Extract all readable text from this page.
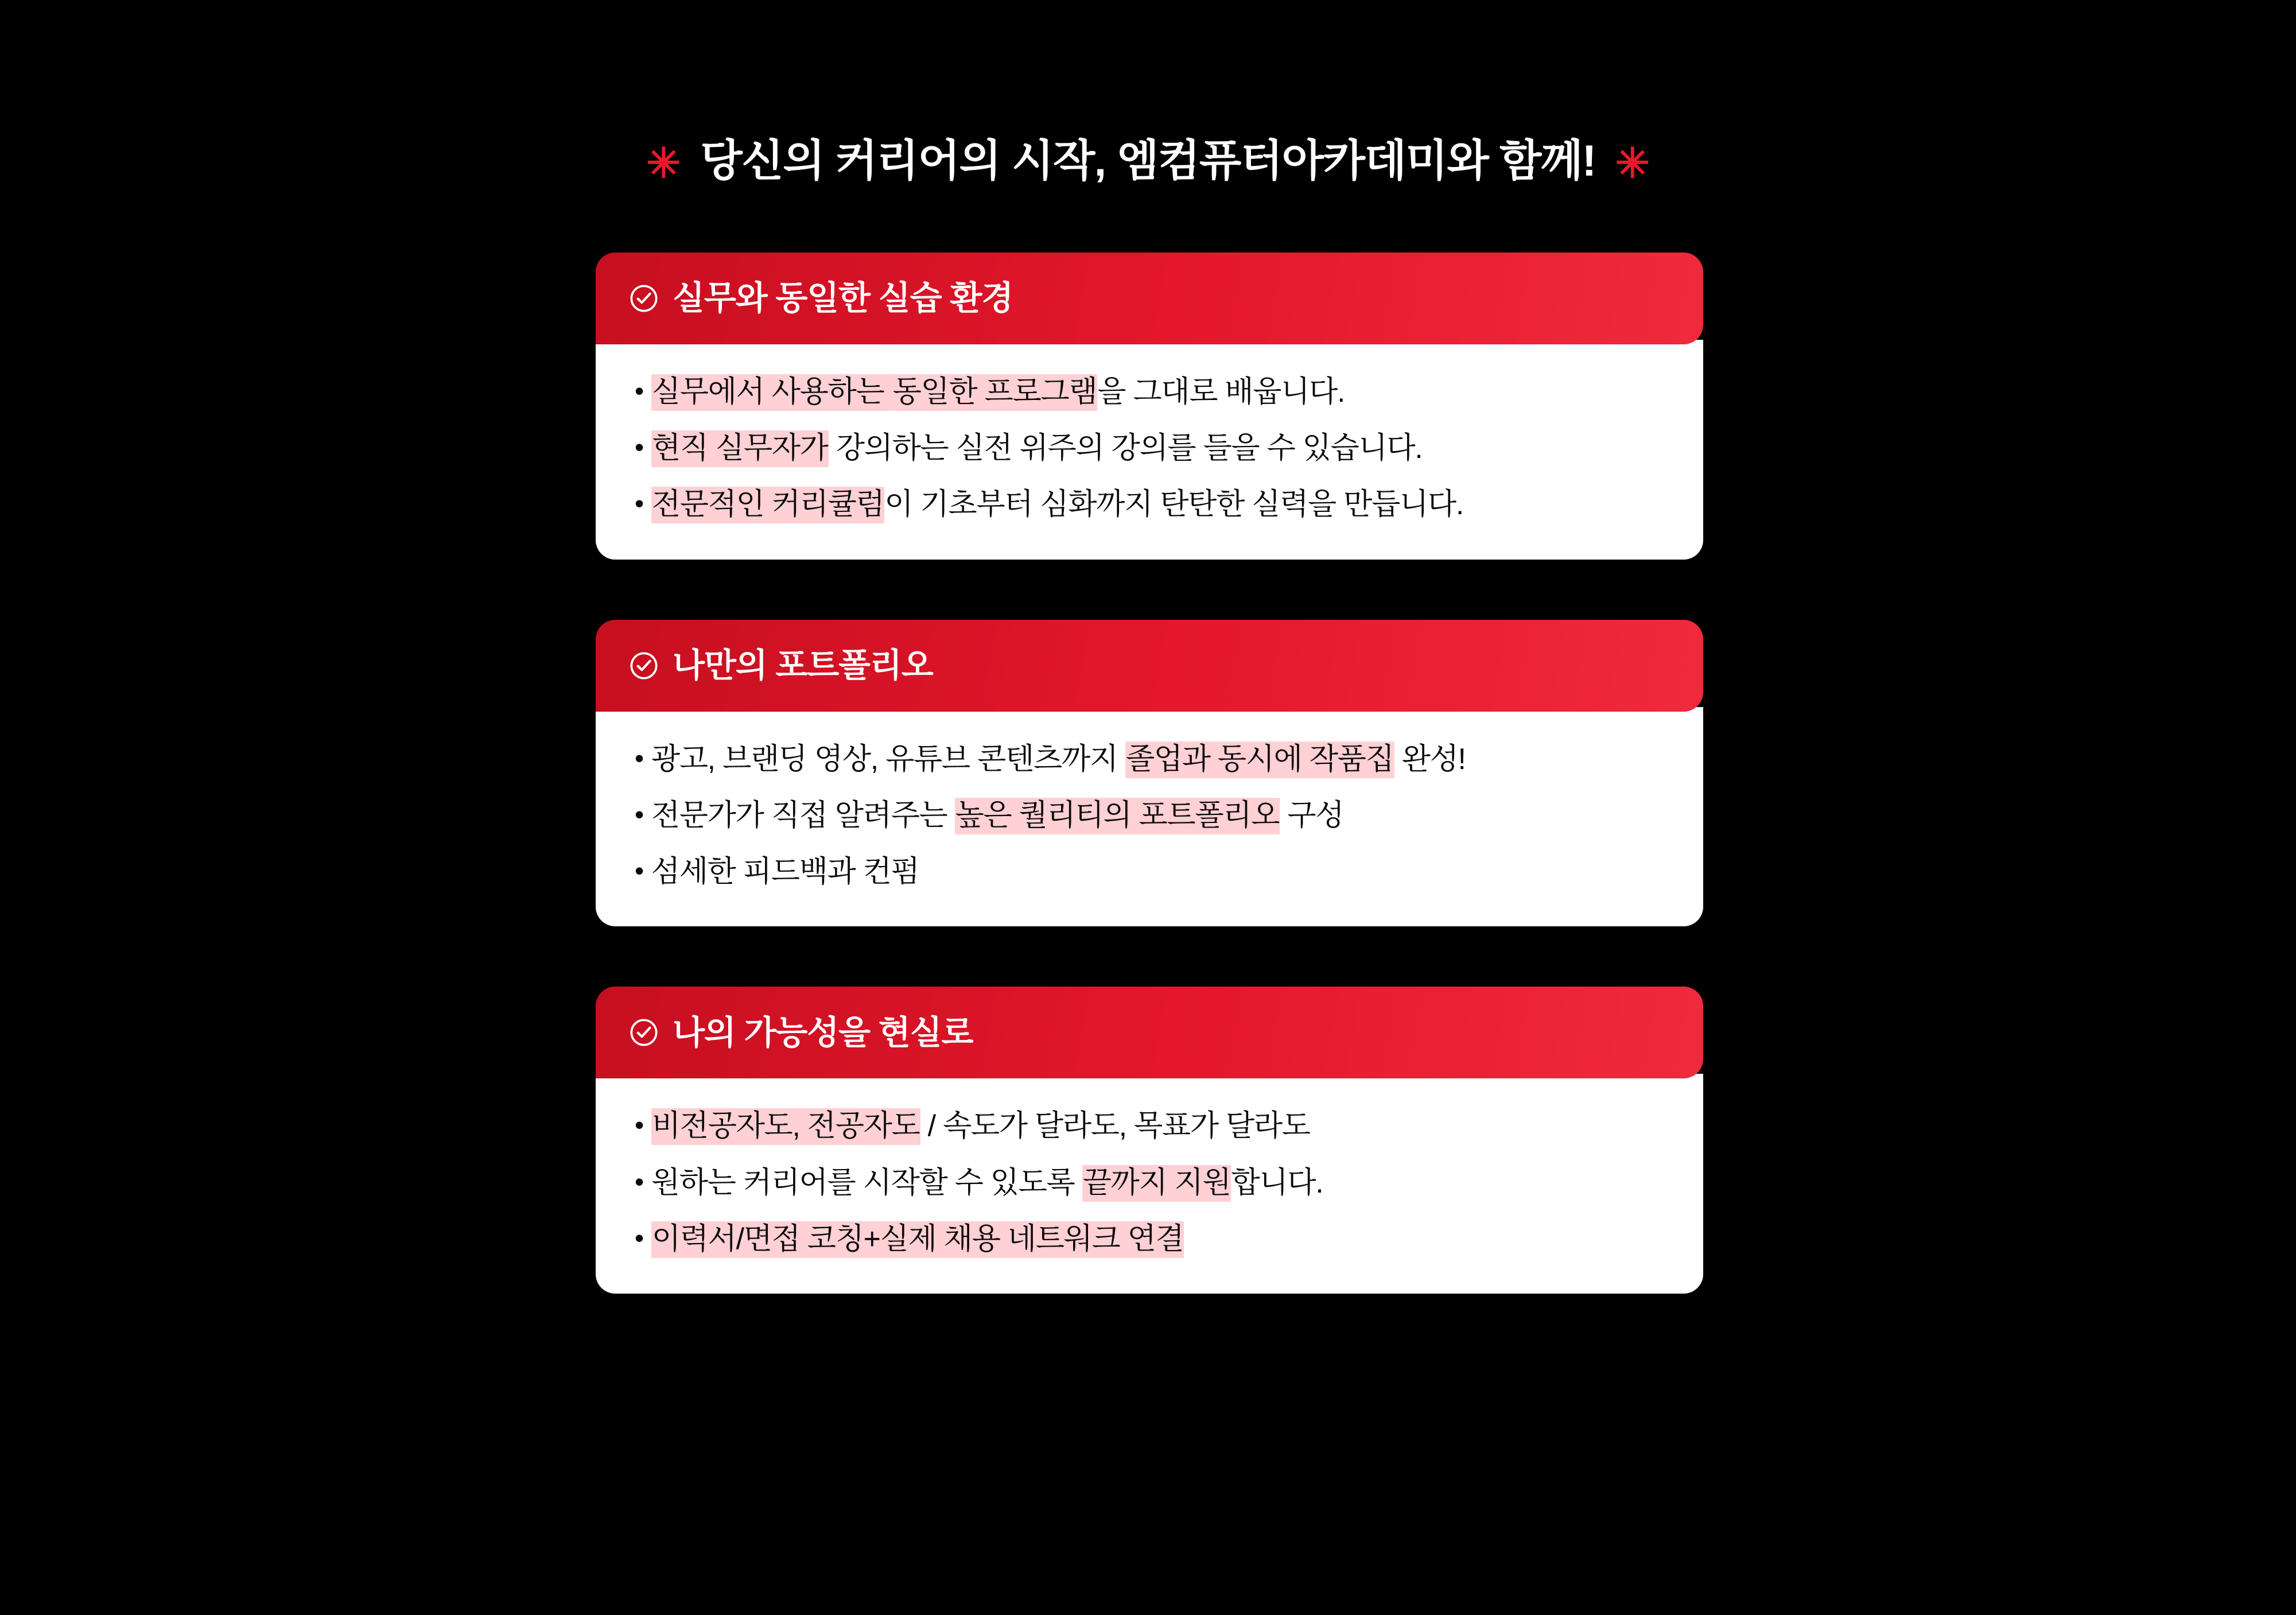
✳ 당신의 커리어의 시작, 엠컴퓨터아카데미와 함께! ✳
실무와 동일한 실습 환경
• 실무에서 사용하는 동일한 프로그램을 그대로 배웁니다.
• 현직 실무자가 강의하는 실전 위주의 강의를 들을 수 있습니다.
• 전문적인 커리큘럼이 기초부터 심화까지 탄탄한 실력을 만듭니다.
나만의 포트폴리오
• 광고, 브랜딩 영상, 유튜브 콘텐츠까지 졸업과 동시에 작품집 완성!
• 전문가가 직접 알려주는 높은 퀄리티의 포트폴리오 구성
• 섬세한 피드백과 컨펌
나의 가능성을 현실로
• 비전공자도, 전공자도 / 속도가 달라도, 목표가 달라도
• 원하는 커리어를 시작할 수 있도록 끝까지 지원합니다.
• 이력서/면접 코칭+실제 채용 네트워크 연결
